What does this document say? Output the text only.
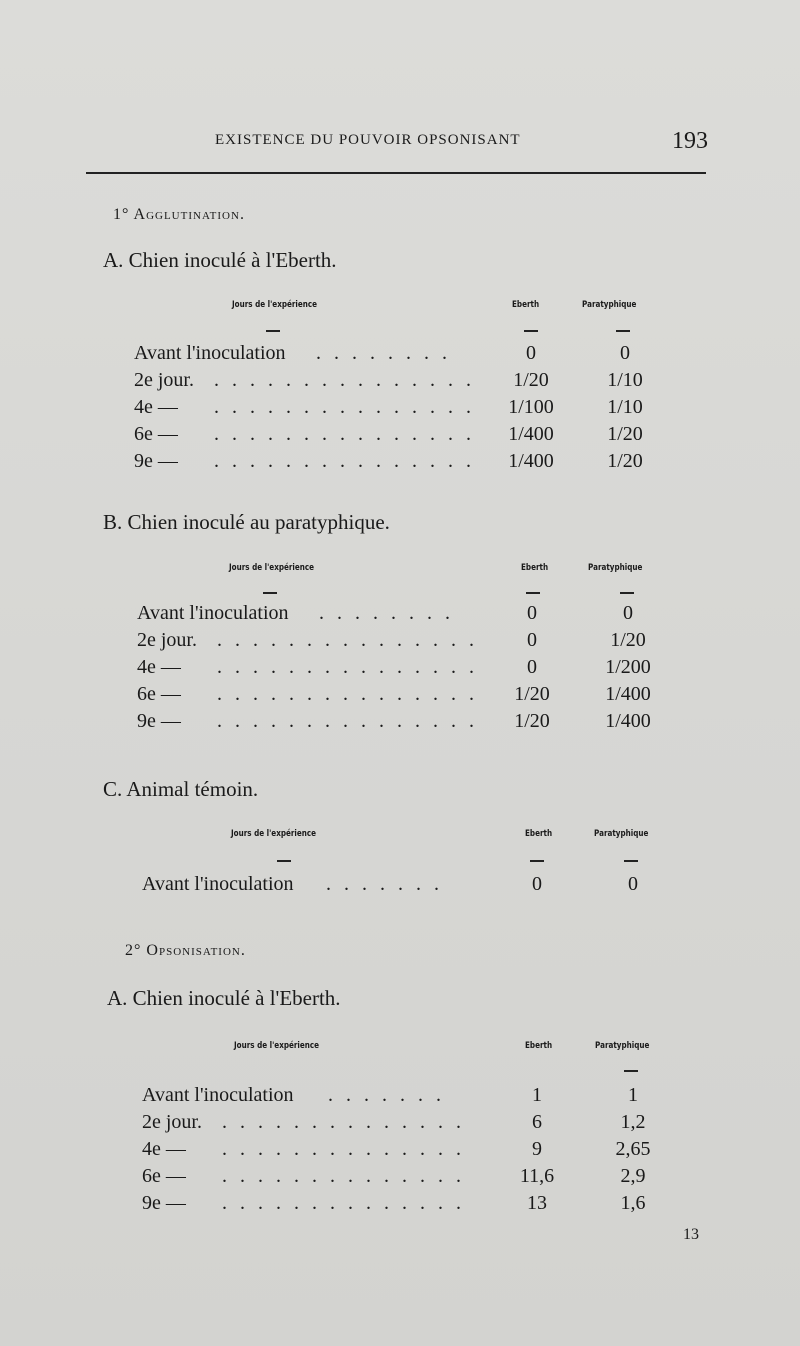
EXISTENCE DU POUVOIR OPSONISANT	193
1° Agglutination.
A. Chien inoculé à l'Eberth.
Jours de l'expérience	Eberth	Paratyphique
Avant l'inoculation . . . . . . . .	0	0
2e jour. . . . . . . . . . . . . . . .	1/20	1/10
4e — . . . . . . . . . . . . . . .	1/100	1/10
6e — . . . . . . . . . . . . . . .	1/400	1/20
9e — . . . . . . . . . . . . . . .	1/400	1/20
B. Chien inoculé au paratyphique.
Jours de l'expérience	Eberth	Paratyphique
Avant l'inoculation . . . . . . . .	0	0
2e jour. . . . . . . . . . . . . . . .	0	1/20
4e — . . . . . . . . . . . . . . .	0	1/200
6e — . . . . . . . . . . . . . . .	1/20	1/400
9e — . . . . . . . . . . . . . . .	1/20	1/400
C. Animal témoin.
Jours de l'expérience	Eberth	Paratyphique
Avant l'inoculation . . . . . . .	0	0
2° Opsonisation.
A. Chien inoculé à l'Eberth.
Jours de l'expérience	Eberth	Paratyphique
Avant l'inoculation . . . . . . .	1	1
2e jour. . . . . . . . . . . . . . .	6	1,2
4e — . . . . . . . . . . . . . .	9	2,65
6e — . . . . . . . . . . . . . .	11,6	2,9
9e — . . . . . . . . . . . . . .	13	1,6
13
